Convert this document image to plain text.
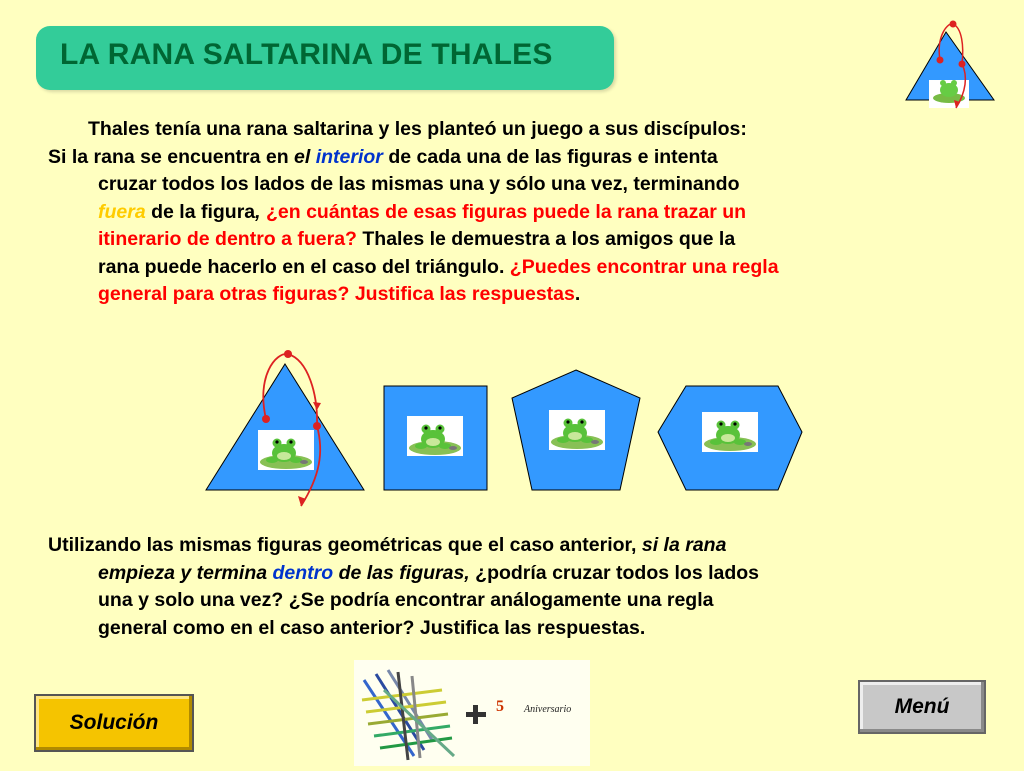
LA RANA SALTARINA DE THALES
Thales tenía una rana saltarina y les planteó un juego a sus discípulos:
Si la rana se encuentra en el interior de cada una de las figuras e intenta
cruzar todos los lados de las mismas una y sólo una vez, terminando
fuera de la figura, ¿en cuántas de esas figuras puede la rana trazar un
itinerario de dentro a fuera? Thales le demuestra a los amigos que la
rana puede hacerlo en el caso del triángulo. ¿Puedes encontrar una regla
general para otras figuras? Justifica las respuestas.
Utilizando las mismas figuras geométricas que el caso anterior, si la rana
empieza y termina dentro de las figuras, ¿podría cruzar todos los lados
una y solo una vez? ¿Se podría encontrar análogamente una regla
general como en el caso anterior? Justifica las respuestas.
5 Aniversario
Solución
Menú
